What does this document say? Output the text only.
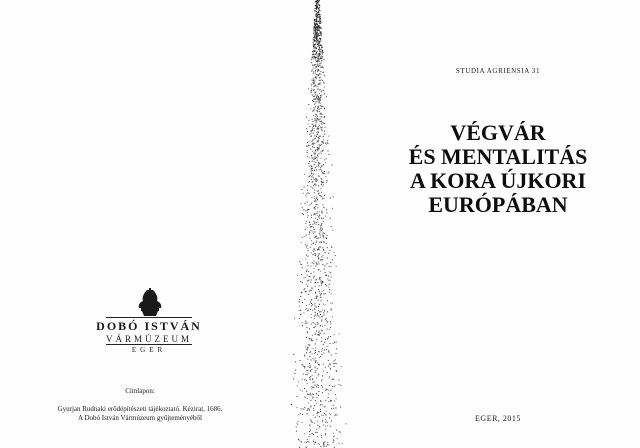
DOBÓ ISTVÁN
VÁRMÚZEUM
EGER
Címlapon:
Gyurjan Rudnaki erődépítészeti tájékoztató. Kézirat, 1686.
A Dobó István Vármúzeum gyűjteményéből
STUDIA AGRIENSIA 31
VÉGVÁR
ÉS MENTALITÁS
A KORA ÚJKORI
EURÓPÁBAN
EGER, 2015
